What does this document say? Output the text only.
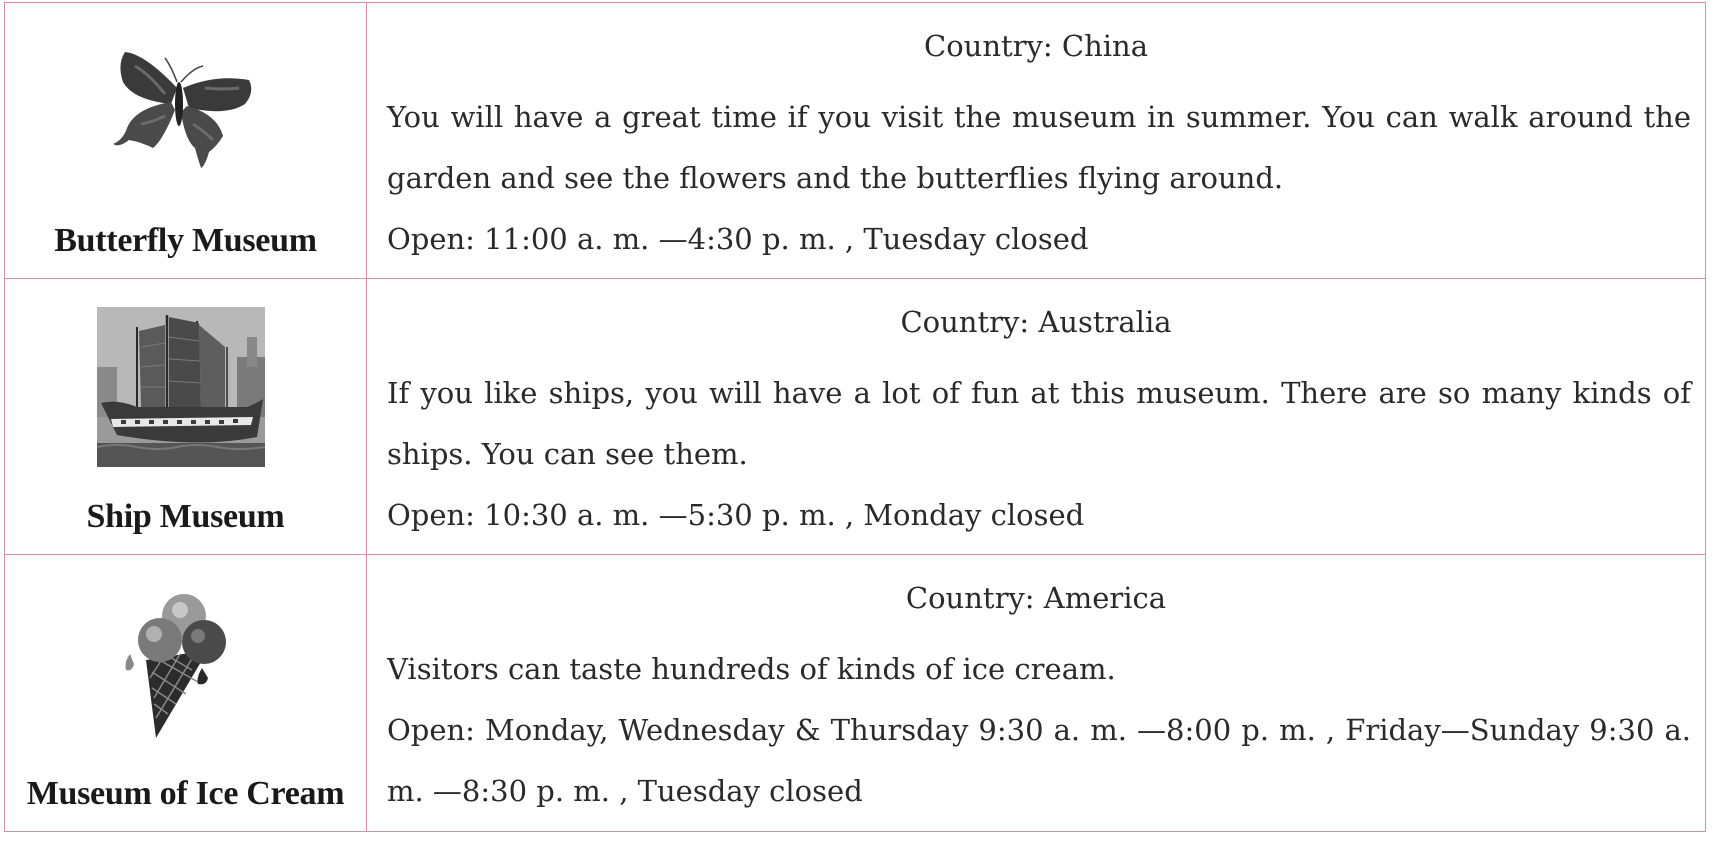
Butterfly Museum	Country: China

You will have a great time if you visit the museum in summer. You can walk around the garden and see the flowers and the butterflies flying around.

Open: 11:00 a. m. —4:30 p. m. , Tuesday closed

Ship Museum	Country: Australia

If you like ships, you will have a lot of fun at this museum. There are so many kinds of ships. You can see them.

Open: 10:30 a. m. —5:30 p. m. , Monday closed

Museum of Ice Cream	Country: America

Visitors can taste hundreds of kinds of ice cream.

Open: Monday, Wednesday & Thursday 9:30 a. m. —8:00 p. m. , Friday—Sunday 9:30 a. m. —8:30 p. m. , Tuesday closed
